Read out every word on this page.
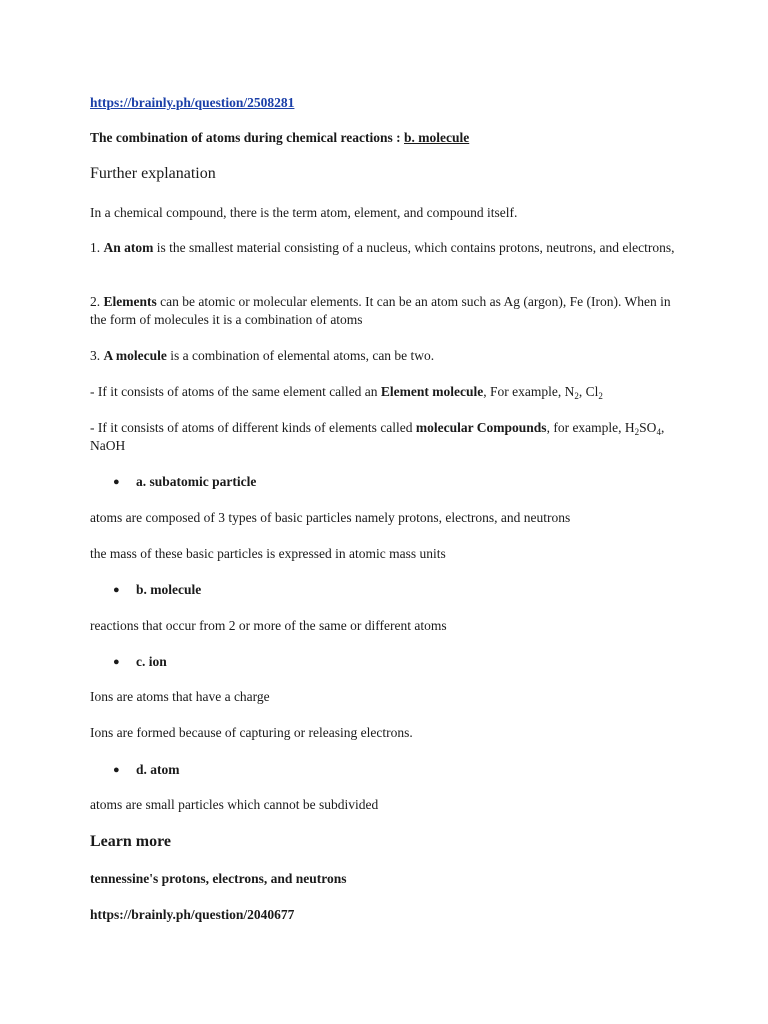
https://brainly.ph/question/2508281
The combination of atoms during chemical reactions : b. molecule
Further explanation
In a chemical compound, there is the term atom, element, and compound itself.
1. An atom is the smallest material consisting of a nucleus, which contains protons, neutrons, and electrons,
2. Elements can be atomic or molecular elements. It can be an atom such as Ag (argon), Fe (Iron). When in the form of molecules it is a combination of atoms
3. A molecule is a combination of elemental atoms, can be two.
- If it consists of atoms of the same element called an Element molecule, For example, $N_2$, $Cl_2$
- If it consists of atoms of different kinds of elements called molecular Compounds, for example, $H_2SO_4$, NaOH
● a. subatomic particle
atoms are composed of 3 types of basic particles namely protons, electrons, and neutrons
the mass of these basic particles is expressed in atomic mass units
● b. molecule
reactions that occur from 2 or more of the same or different atoms
● c. ion
Ions are atoms that have a charge
Ions are formed because of capturing or releasing electrons.
● d. atom
atoms are small particles which cannot be subdivided
Learn more
tennessine's protons, electrons, and neutrons
https://brainly.ph/question/2040677
